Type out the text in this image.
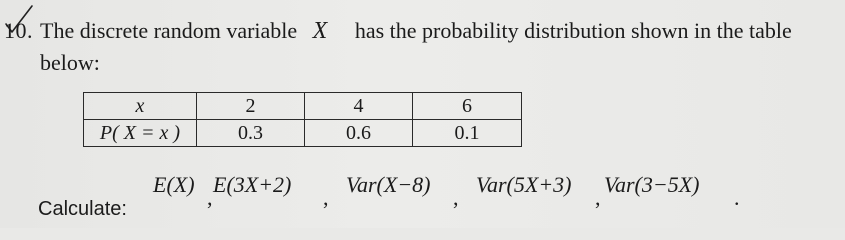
10. The discrete random variable X has the probability distribution shown in the table
below:
x	2	4	6
P( X = x )	0.3	0.6	0.1
Calculate:
E(X)
,
E(3X+2)
,
Var(X−8)
,
Var(5X+3)
,
Var(3−5X)
.
